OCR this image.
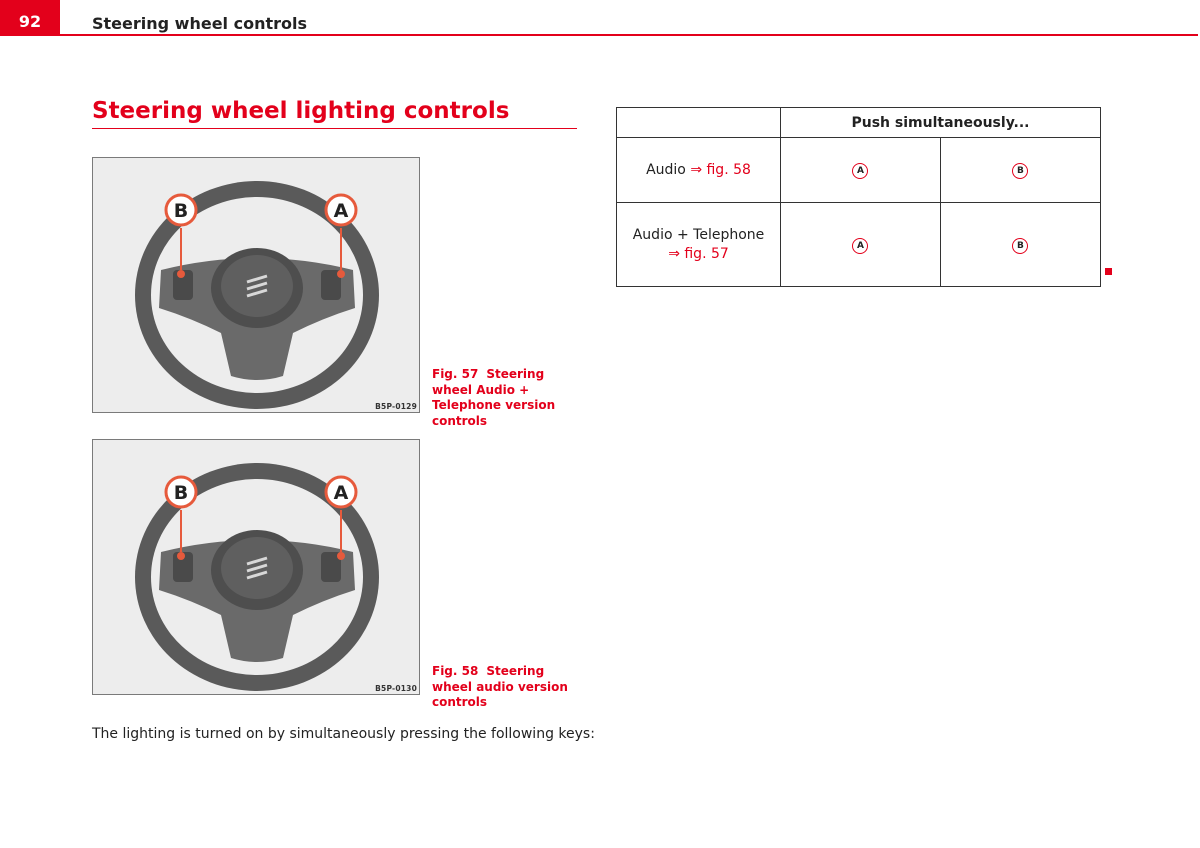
92	Steering wheel controls
Steering wheel lighting controls
B	A
B5P-0129
Fig. 57 Steering wheel Audio + Telephone version controls
B	A
B5P-0130
Fig. 58 Steering wheel audio version controls
The lighting is turned on by simultaneously pressing the following keys:
	Push simultaneously...	
Audio ⇒ fig. 58	A	B
Audio + Telephone
⇒ fig. 57	A	B
